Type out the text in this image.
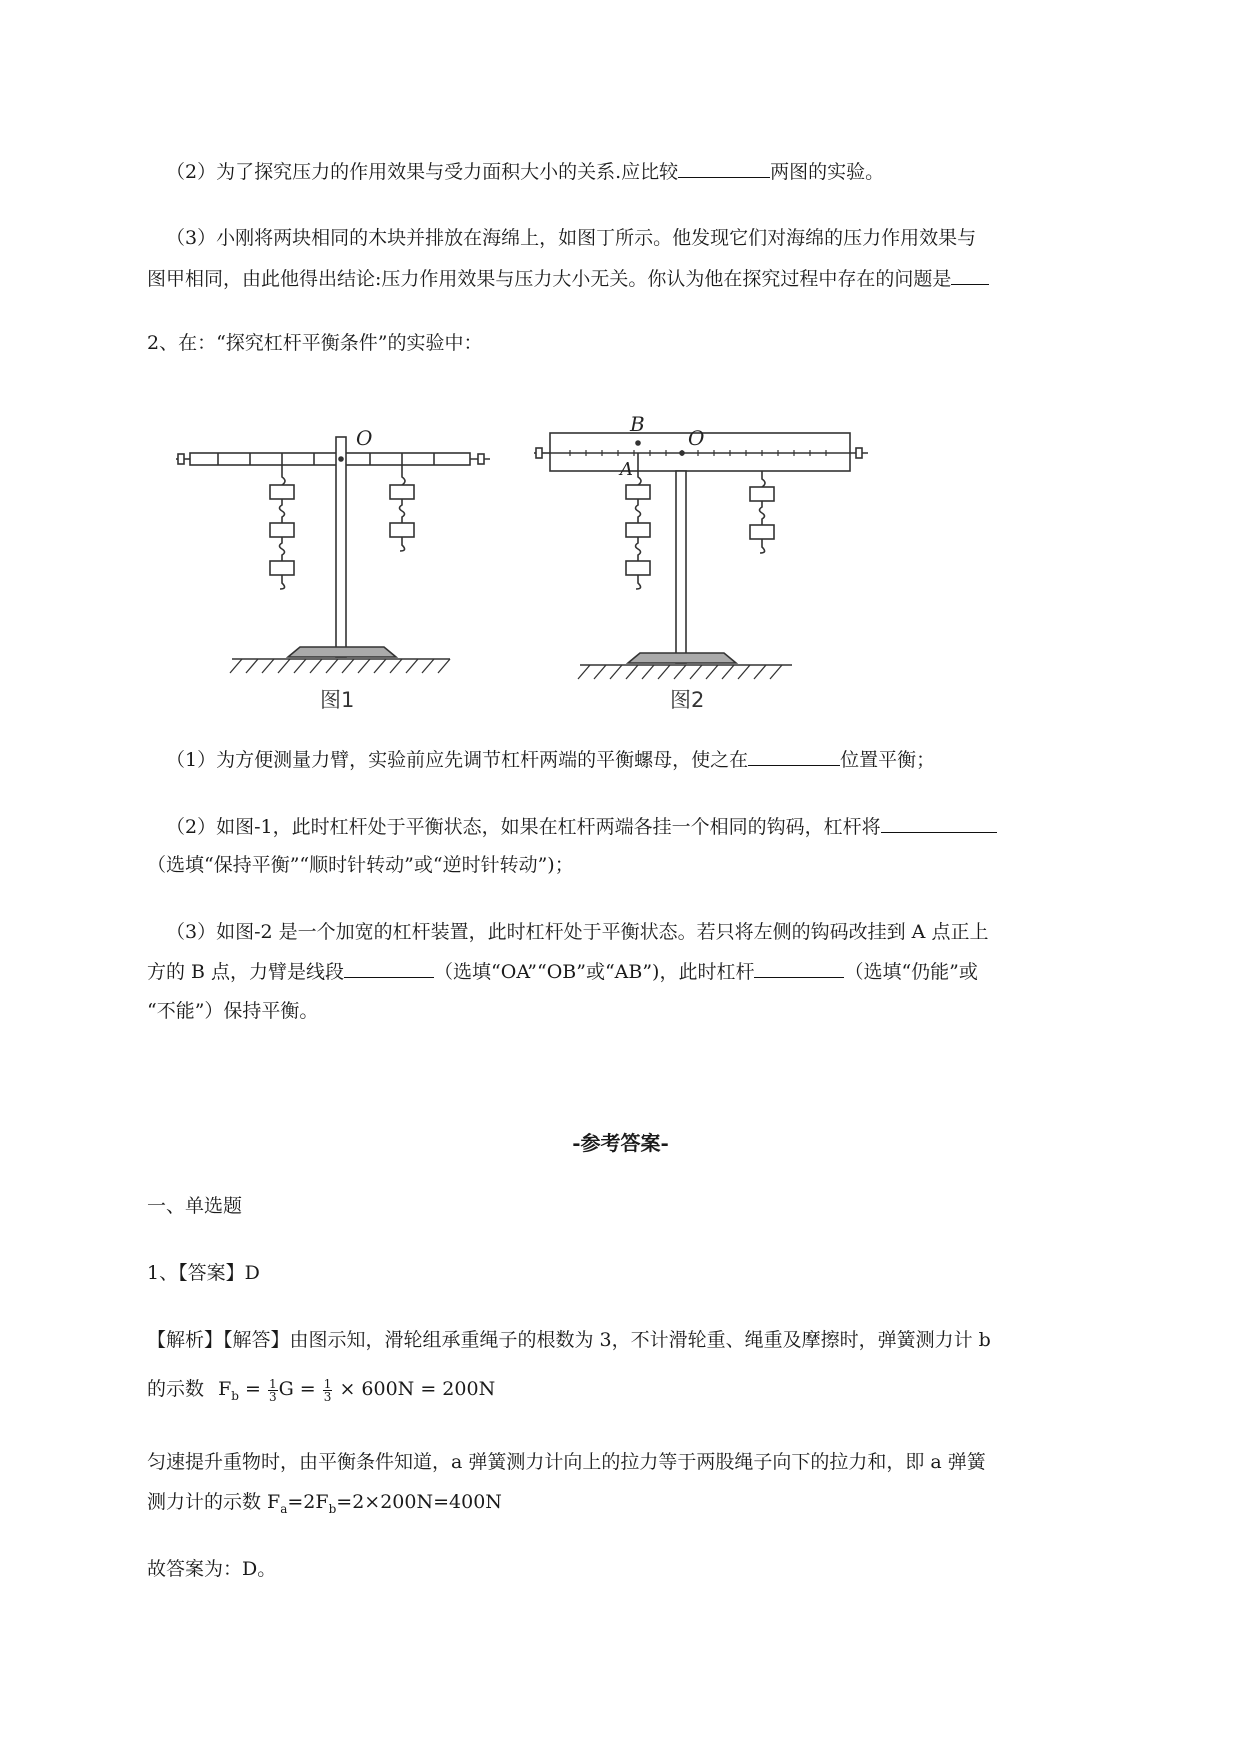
（2）为了探究压力的作用效果与受力面积大小的关系.应比较	两图的实验。
（3）小刚将两块相同的木块并排放在海绵上，如图丁所示。他发现它们对海绵的压力作用效果与
图甲相同，由此他得出结论:压力作用效果与压力大小无关。你认为他在探究过程中存在的问题是
2、在：“探究杠杆平衡条件”的实验中：
O
B
O
A
图1	图2
（1）为方便测量力臂，实验前应先调节杠杆两端的平衡螺母，使之在	位置平衡；
（2）如图-1，此时杠杆处于平衡状态，如果在杠杆两端各挂一个相同的钩码，杠杆将
（选填“保持平衡”“顺时针转动”或“逆时针转动”)；
（3）如图-2 是一个加宽的杠杆装置，此时杠杆处于平衡状态。若只将左侧的钩码改挂到 A 点正上
方的 B 点，力臂是线段	（选填“OA”“OB”或“AB”)，此时杠杆	（选填“仍能”或
“不能”）保持平衡。
-参考答案-
一、单选题
1、【答案】D
【解析】【解答】由图示知，滑轮组承重绳子的根数为 3，不计滑轮重、绳重及摩擦时，弹簧测力计 b
的示数 $F_b = \frac{1}{3}$ $G = \frac{1}{3} \times 600N = 200N$
匀速提升重物时，由平衡条件知道，a 弹簧测力计向上的拉力等于两股绳子向下的拉力和，即 a 弹簧
测力计的示数 $F_a=2F_b=2\times 200N=400N$
故答案为：D。
